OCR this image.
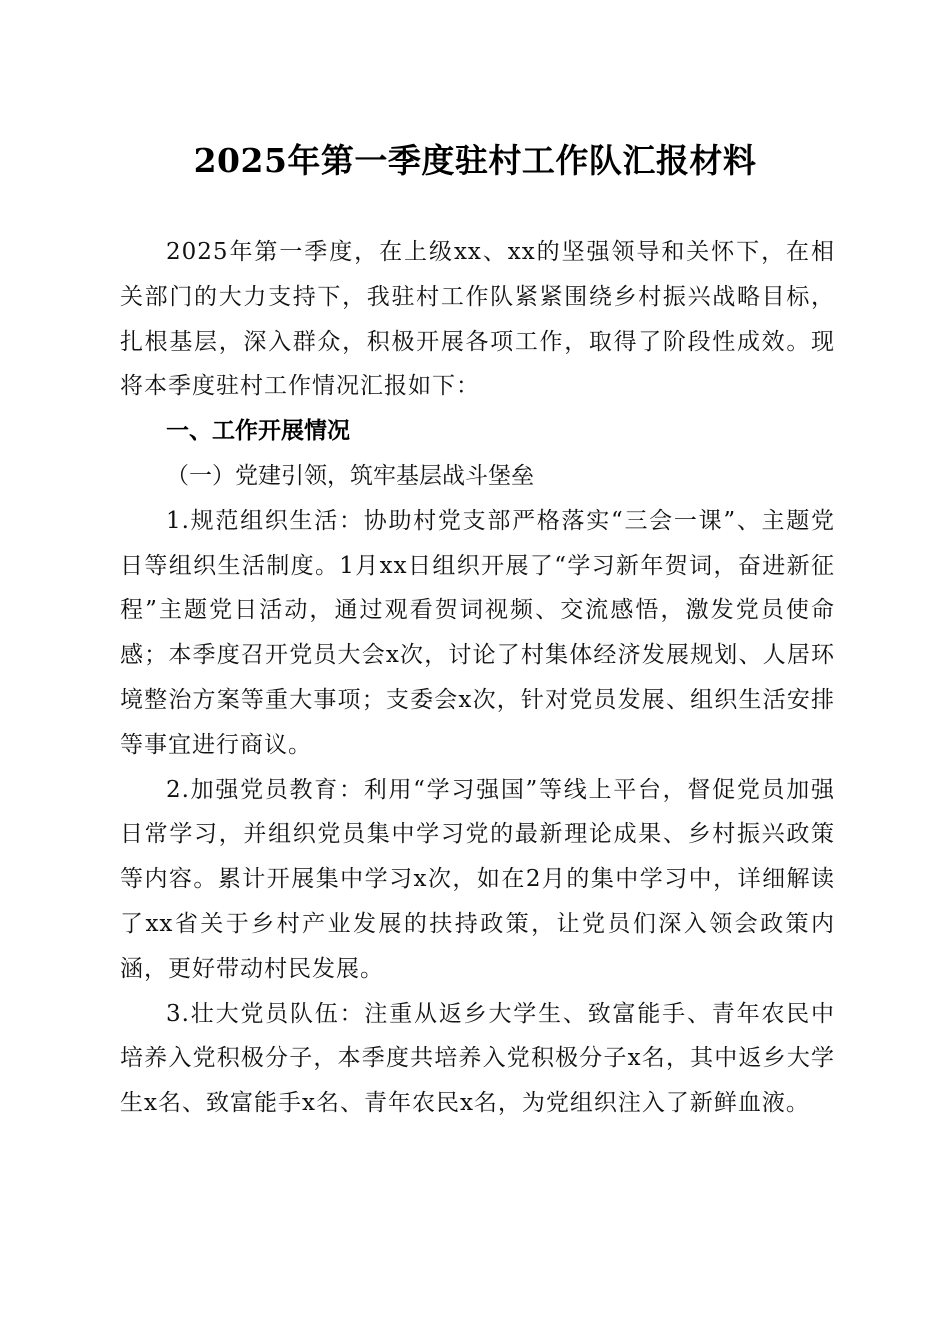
2025年第一季度驻村工作队汇报材料

2025年第一季度，在上级xx、xx的坚强领导和关怀下，在相关部门的大力支持下，我驻村工作队紧紧围绕乡村振兴战略目标，扎根基层，深入群众，积极开展各项工作，取得了阶段性成效。现将本季度驻村工作情况汇报如下：

一、工作开展情况

（一）党建引领，筑牢基层战斗堡垒

1.规范组织生活：协助村党支部严格落实“三会一课”、主题党日等组织生活制度。1月xx日组织开展了“学习新年贺词，奋进新征程”主题党日活动，通过观看贺词视频、交流感悟，激发党员使命感；本季度召开党员大会x次，讨论了村集体经济发展规划、人居环境整治方案等重大事项；支委会x次，针对党员发展、组织生活安排等事宜进行商议。

2.加强党员教育：利用“学习强国”等线上平台，督促党员加强日常学习，并组织党员集中学习党的最新理论成果、乡村振兴政策等内容。累计开展集中学习x次，如在2月的集中学习中，详细解读了xx省关于乡村产业发展的扶持政策，让党员们深入领会政策内涵，更好带动村民发展。

3.壮大党员队伍：注重从返乡大学生、致富能手、青年农民中培养入党积极分子，本季度共培养入党积极分子x名，其中返乡大学生x名、致富能手x名、青年农民x名，为党组织注入了新鲜血液。
